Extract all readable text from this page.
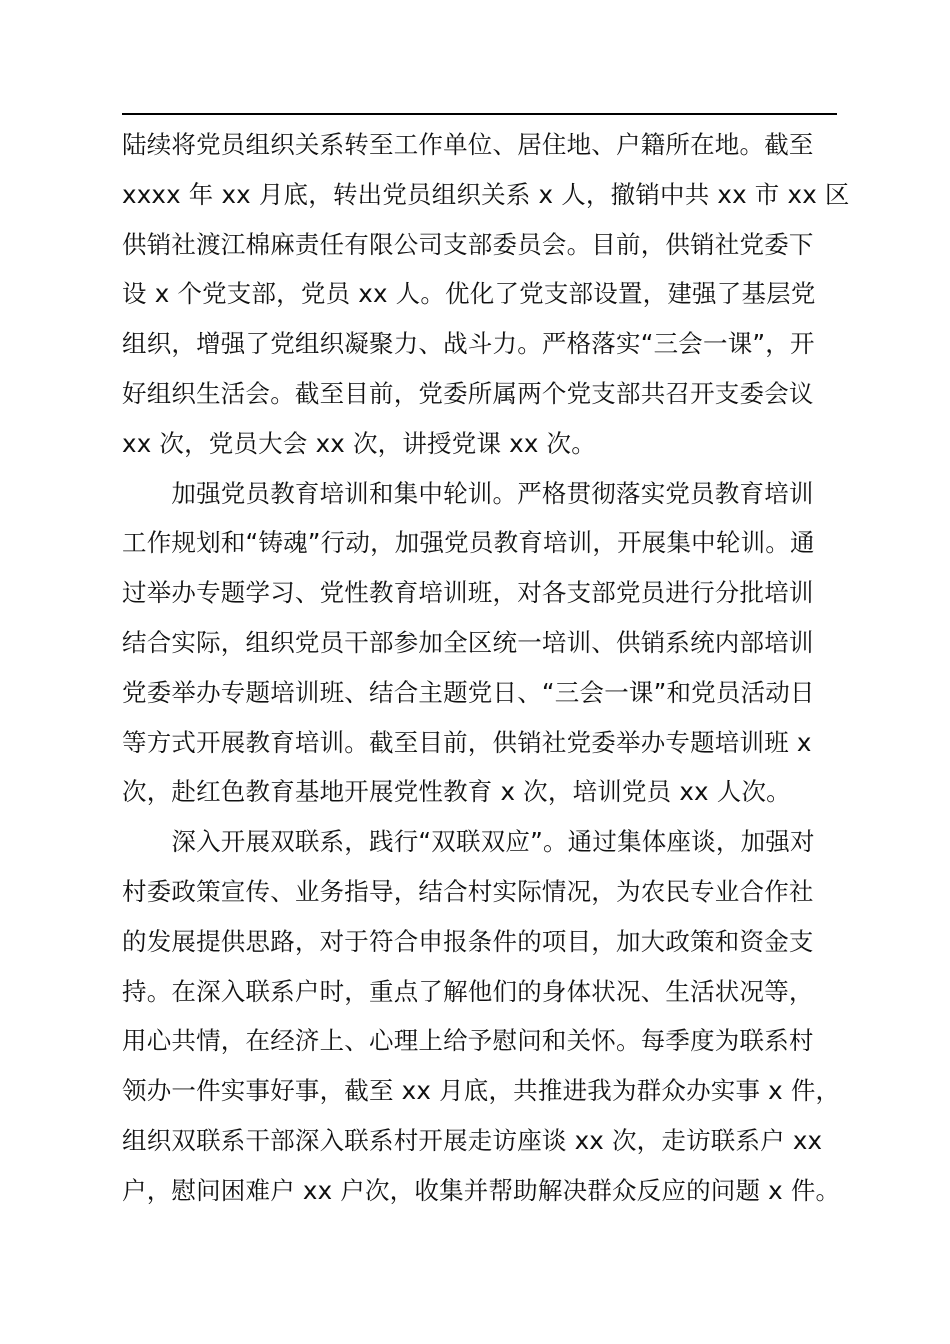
陆续将党员组织关系转至工作单位、居住地、户籍所在地。截至
xxxx 年 xx 月底，转出党员组织关系 x 人，撤销中共 xx 市 xx 区
供销社渡江棉麻责任有限公司支部委员会。目前，供销社党委下
设 x 个党支部，党员 xx 人。优化了党支部设置，建强了基层党
组织，增强了党组织凝聚力、战斗力。严格落实“三会一课”，开
好组织生活会。截至目前，党委所属两个党支部共召开支委会议
xx 次，党员大会 xx 次，讲授党课 xx 次。
　　加强党员教育培训和集中轮训。严格贯彻落实党员教育培训
工作规划和“铸魂”行动，加强党员教育培训，开展集中轮训。通
过举办专题学习、党性教育培训班，对各支部党员进行分批培训
结合实际，组织党员干部参加全区统一培训、供销系统内部培训
党委举办专题培训班、结合主题党日、“三会一课”和党员活动日
等方式开展教育培训。截至目前，供销社党委举办专题培训班 x
次，赴红色教育基地开展党性教育 x 次，培训党员 xx 人次。
　　深入开展双联系，践行“双联双应”。通过集体座谈，加强对
村委政策宣传、业务指导，结合村实际情况，为农民专业合作社
的发展提供思路，对于符合申报条件的项目，加大政策和资金支
持。在深入联系户时，重点了解他们的身体状况、生活状况等，
用心共情，在经济上、心理上给予慰问和关怀。每季度为联系村
领办一件实事好事，截至 xx 月底，共推进我为群众办实事 x 件，
组织双联系干部深入联系村开展走访座谈 xx 次，走访联系户 xx
户，慰问困难户 xx 户次，收集并帮助解决群众反应的问题 x 件。
